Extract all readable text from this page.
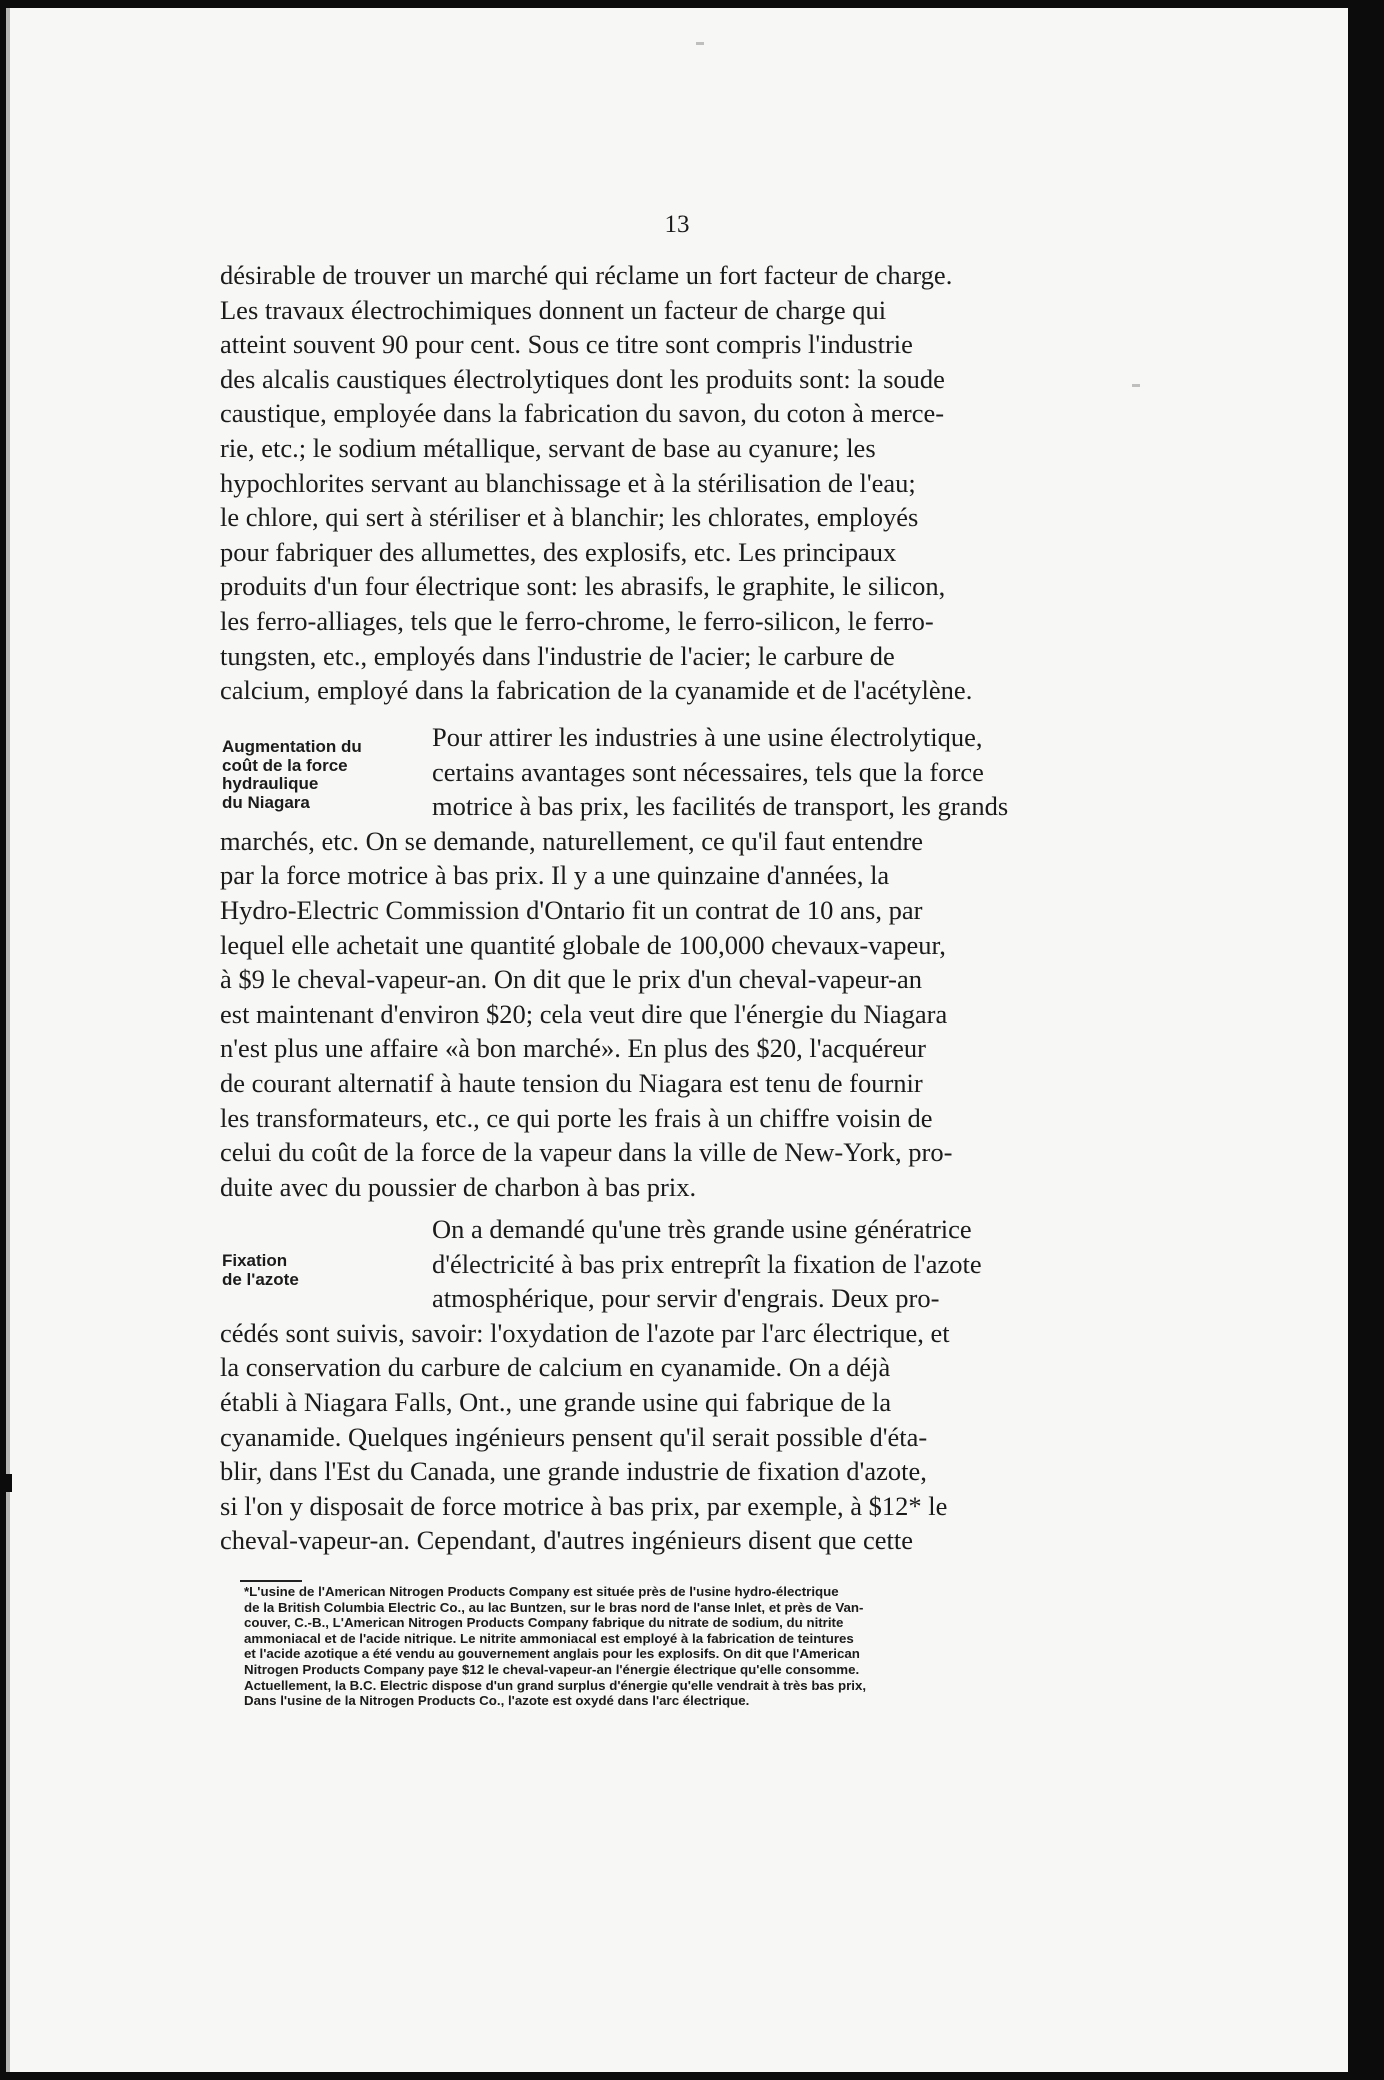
13
désirable de trouver un marché qui réclame un fort facteur de charge.
Les travaux électrochimiques donnent un facteur de charge qui
atteint souvent 90 pour cent. Sous ce titre sont compris l'industrie
des alcalis caustiques électrolytiques dont les produits sont: la soude
caustique, employée dans la fabrication du savon, du coton à merce-
rie, etc.; le sodium métallique, servant de base au cyanure; les
hypochlorites servant au blanchissage et à la stérilisation de l'eau;
le chlore, qui sert à stériliser et à blanchir; les chlorates, employés
pour fabriquer des allumettes, des explosifs, etc. Les principaux
produits d'un four électrique sont: les abrasifs, le graphite, le silicon,
les ferro-alliages, tels que le ferro-chrome, le ferro-silicon, le ferro-
tungsten, etc., employés dans l'industrie de l'acier; le carbure de
calcium, employé dans la fabrication de la cyanamide et de l'acétylène.
Augmentation du
coût de la force
hydraulique
du Niagara
Pour attirer les industries à une usine électrolytique,
certains avantages sont nécessaires, tels que la force
motrice à bas prix, les facilités de transport, les grands
marchés, etc. On se demande, naturellement, ce qu'il faut entendre
par la force motrice à bas prix. Il y a une quinzaine d'années, la
Hydro-Electric Commission d'Ontario fit un contrat de 10 ans, par
lequel elle achetait une quantité globale de 100,000 chevaux-vapeur,
à $9 le cheval-vapeur-an. On dit que le prix d'un cheval-vapeur-an
est maintenant d'environ $20; cela veut dire que l'énergie du Niagara
n'est plus une affaire «à bon marché». En plus des $20, l'acquéreur
de courant alternatif à haute tension du Niagara est tenu de fournir
les transformateurs, etc., ce qui porte les frais à un chiffre voisin de
celui du coût de la force de la vapeur dans la ville de New-York, pro-
duite avec du poussier de charbon à bas prix.
Fixation
de l'azote
On a demandé qu'une très grande usine génératrice
d'électricité à bas prix entreprît la fixation de l'azote
atmosphérique, pour servir d'engrais. Deux pro-
cédés sont suivis, savoir: l'oxydation de l'azote par l'arc électrique, et
la conservation du carbure de calcium en cyanamide. On a déjà
établi à Niagara Falls, Ont., une grande usine qui fabrique de la
cyanamide. Quelques ingénieurs pensent qu'il serait possible d'éta-
blir, dans l'Est du Canada, une grande industrie de fixation d'azote,
si l'on y disposait de force motrice à bas prix, par exemple, à $12* le
cheval-vapeur-an. Cependant, d'autres ingénieurs disent que cette
*L'usine de l'American Nitrogen Products Company est située près de l'usine hydro-électrique
de la British Columbia Electric Co., au lac Buntzen, sur le bras nord de l'anse Inlet, et près de Van-
couver, C.-B., L'American Nitrogen Products Company fabrique du nitrate de sodium, du nitrite
ammoniacal et de l'acide nitrique. Le nitrite ammoniacal est employé à la fabrication de teintures
et l'acide azotique a été vendu au gouvernement anglais pour les explosifs. On dit que l'American
Nitrogen Products Company paye $12 le cheval-vapeur-an l'énergie électrique qu'elle consomme.
Actuellement, la B.C. Electric dispose d'un grand surplus d'énergie qu'elle vendrait à très bas prix,
Dans l'usine de la Nitrogen Products Co., l'azote est oxydé dans l'arc électrique.
